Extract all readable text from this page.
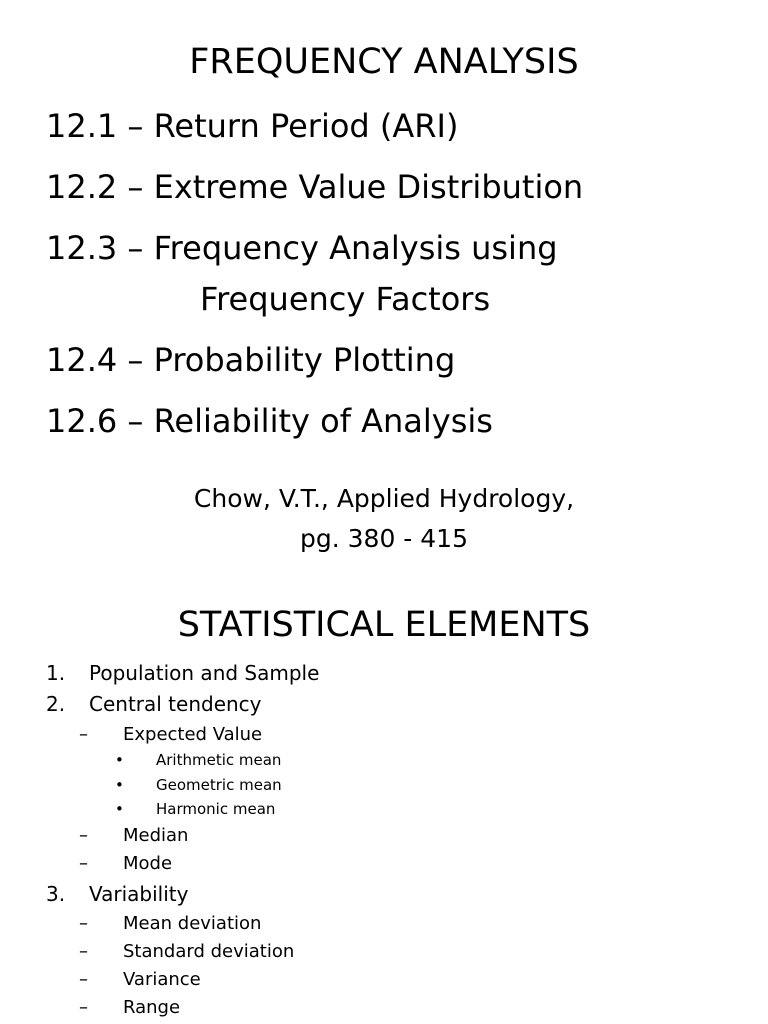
FREQUENCY ANALYSIS
12.1 – Return Period (ARI)
12.2 – Extreme Value Distribution
12.3 – Frequency Analysis using
Frequency Factors
12.4 – Probability Plotting
12.6 – Reliability of Analysis
Chow, V.T., Applied Hydrology,
pg. 380 - 415
STATISTICAL ELEMENTS
1. Population and Sample
2. Central tendency
– Expected Value
• Arithmetic mean
• Geometric mean
• Harmonic mean
– Median
– Mode
3. Variability
– Mean deviation
– Standard deviation
– Variance
– Range
